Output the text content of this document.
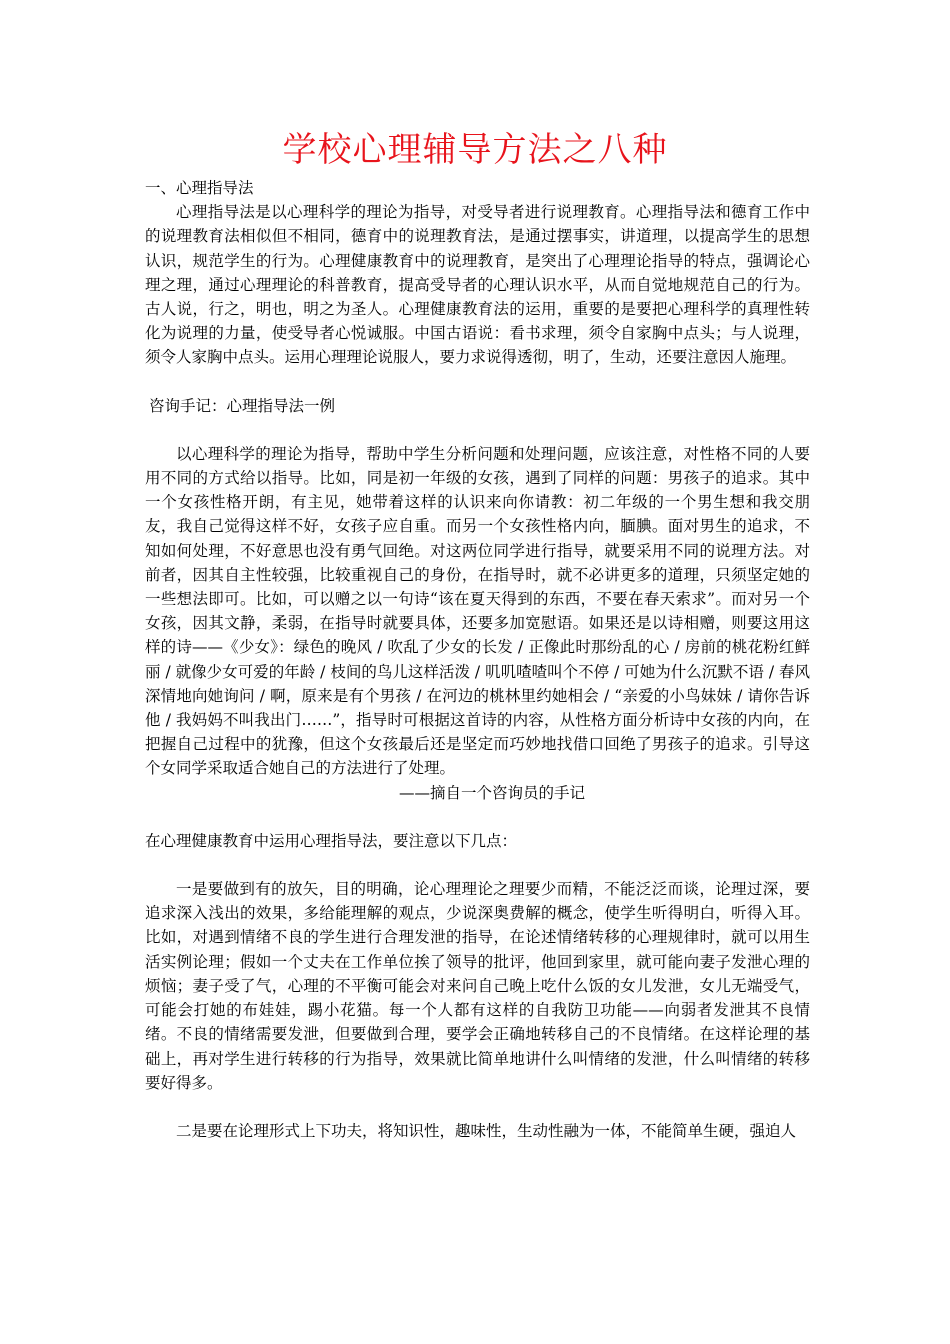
学校心理辅导方法之八种

一、心理指导法

心理指导法是以心理科学的理论为指导，对受导者进行说理教育。心理指导法和德育工作中的说理教育法相似但不相同，德育中的说理教育法，是通过摆事实，讲道理，以提高学生的思想认识，规范学生的行为。心理健康教育中的说理教育，是突出了心理理论指导的特点，强调论心理之理，通过心理理论的科普教育，提高受导者的心理认识水平，从而自觉地规范自己的行为。古人说，行之，明也，明之为圣人。心理健康教育法的运用，重要的是要把心理科学的真理性转化为说理的力量，使受导者心悦诚服。中国古语说：看书求理，须令自家胸中点头；与人说理，须令人家胸中点头。运用心理理论说服人，要力求说得透彻，明了，生动，还要注意因人施理。

咨询手记：心理指导法一例

以心理科学的理论为指导，帮助中学生分析问题和处理问题，应该注意，对性格不同的人要用不同的方式给以指导。比如，同是初一年级的女孩，遇到了同样的问题：男孩子的追求。其中一个女孩性格开朗，有主见，她带着这样的认识来向你请教：初二年级的一个男生想和我交朋友，我自己觉得这样不好，女孩子应自重。而另一个女孩性格内向，腼腆。面对男生的追求，不知如何处理，不好意思也没有勇气回绝。对这两位同学进行指导，就要采用不同的说理方法。对前者，因其自主性较强，比较重视自己的身份，在指导时，就不必讲更多的道理，只须坚定她的一些想法即可。比如，可以赠之以一句诗“该在夏天得到的东西，不要在春天索求”。而对另一个女孩，因其文静，柔弱，在指导时就要具体，还要多加宽慰语。如果还是以诗相赠，则要这用这样的诗——《少女》：绿色的晚风 / 吹乱了少女的长发 / 正像此时那纷乱的心 / 房前的桃花粉红鲜丽 / 就像少女可爱的年龄 / 枝间的鸟儿这样活泼 / 叽叽喳喳叫个不停 / 可她为什么沉默不语 / 春风深情地向她询问 / 啊，原来是有个男孩 / 在河边的桃林里约她相会 / “亲爱的小鸟妹妹 / 请你告诉他 / 我妈妈不叫我出门……”，指导时可根据这首诗的内容，从性格方面分析诗中女孩的内向，在把握自己过程中的犹豫，但这个女孩最后还是坚定而巧妙地找借口回绝了男孩子的追求。引导这个女同学采取适合她自己的方法进行了处理。

——摘自一个咨询员的手记

在心理健康教育中运用心理指导法，要注意以下几点：

一是要做到有的放矢，目的明确，论心理理论之理要少而精，不能泛泛而谈，论理过深，要追求深入浅出的效果，多给能理解的观点，少说深奥费解的概念，使学生听得明白，听得入耳。比如，对遇到情绪不良的学生进行合理发泄的指导，在论述情绪转移的心理规律时，就可以用生活实例论理；假如一个丈夫在工作单位挨了领导的批评，他回到家里，就可能向妻子发泄心理的烦恼；妻子受了气，心理的不平衡可能会对来问自己晚上吃什么饭的女儿发泄，女儿无端受气，可能会打她的布娃娃，踢小花猫。每一个人都有这样的自我防卫功能——向弱者发泄其不良情绪。不良的情绪需要发泄，但要做到合理，要学会正确地转移自己的不良情绪。在这样论理的基础上，再对学生进行转移的行为指导，效果就比简单地讲什么叫情绪的发泄，什么叫情绪的转移要好得多。

二是要在论理形式上下功夫，将知识性，趣味性，生动性融为一体，不能简单生硬，强迫人
